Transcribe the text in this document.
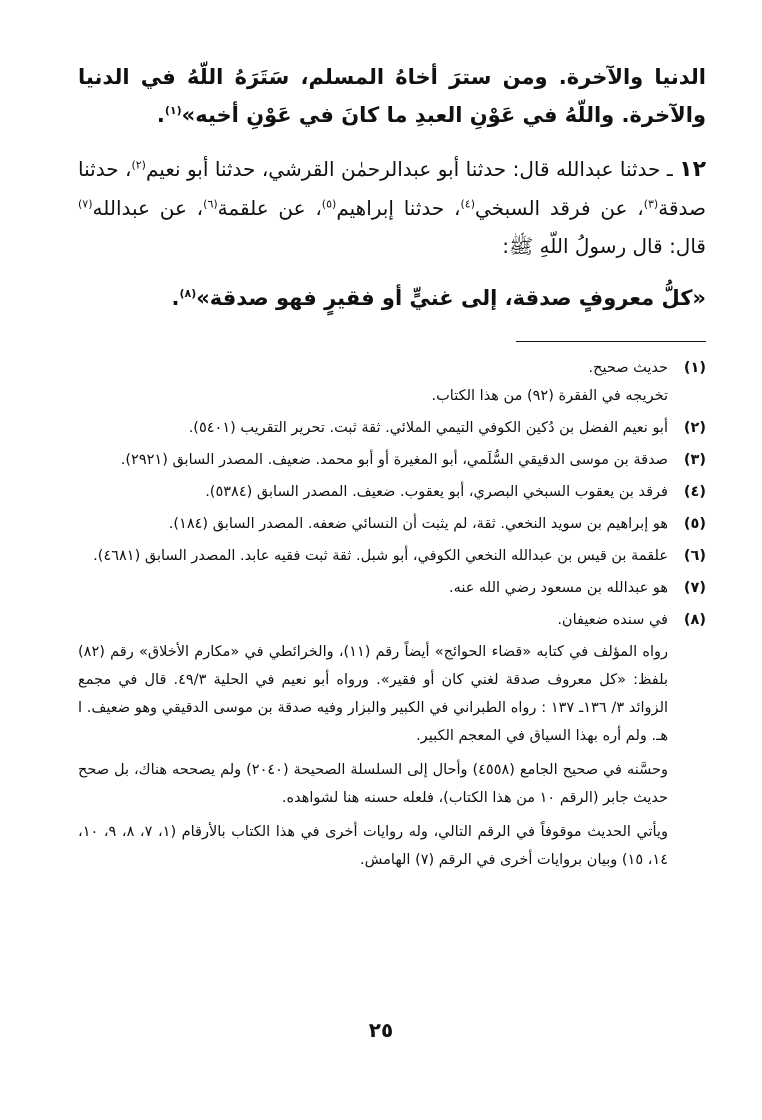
الدنيا والآخرة. ومن سترَ أخاهُ المسلم، سَتَرَهُ اللّهُ في الدنيا والآخرة. واللّهُ في عَوْنِ العبدِ ما كانَ في عَوْنِ أخيه»$^{(١)}$.

١٢ ـ حدثنا عبدالله قال: حدثنا أبو عبدالرحمٰن القرشي، حدثنا أبو نعيم$^{(٢)}$، حدثنا صدقة$^{(٣)}$، عن فرقد السبخي$^{(٤)}$، حدثنا إبراهيم$^{(٥)}$، عن علقمة$^{(٦)}$، عن عبدالله$^{(٧)}$ قال: قال رسولُ اللّهِ ﷺ:

«كلُّ معروفٍ صدقة، إلى غنيٍّ أو فقيرٍ فهو صدقة»$^{(٨)}$.

(١)

حديث صحيح.

تخريجه في الفقرة (٩٢) من هذا الكتاب.

(٢)

أبو نعيم الفضل بن دُكين الكوفي التيمي الملائي. ثقة ثبت. تحرير التقريب (٥٤٠١).

(٣)

صدقة بن موسى الدقيقي السُّلَمي، أبو المغيرة أو أبو محمد. ضعيف. المصدر السابق (٢٩٢١).

(٤)

فرقد بن يعقوب السبخي البصري، أبو يعقوب. ضعيف. المصدر السابق (٥٣٨٤).

(٥)

هو إبراهيم بن سويد النخعي. ثقة، لم يثبت أن النسائي ضعفه. المصدر السابق (١٨٤).

(٦)

علقمة بن قيس بن عبدالله النخعي الكوفي، أبو شبل. ثقة ثبت فقيه عابد. المصدر السابق (٤٦٨١).

(٧)

هو عبدالله بن مسعود رضي الله عنه.

(٨)

في سنده ضعيفان.

رواه المؤلف في كتابه «قضاء الحوائج» أيضاً رقم (١١)، والخرائطي في «مكارم الأخلاق» رقم (٨٢) بلفظ: «كل معروف صدقة لغني كان أو فقير». ورواه أبو نعيم في الحلية ٤٩/٣. قال في مجمع الزوائد ٣/ ١٣٦ـ ١٣٧ : رواه الطبراني في الكبير والبزار وفيه صدقة بن موسى الدقيقي وهو ضعيف. ا هـ. ولم أره بهذا السياق في المعجم الكبير.

وحسَّنه في صحيح الجامع (٤٥٥٨) وأحال إلى السلسلة الصحيحة (٢٠٤٠) ولم يصححه هناك، بل صحح حديث جابر (الرقم ١٠ من هذا الكتاب)، فلعله حسنه هنا لشواهده.

ويأتي الحديث موقوفاً في الرقم التالي، وله روايات أخرى في هذا الكتاب بالأرقام (١، ٧، ٨، ٩، ١٠، ١٤، ١٥) وبيان بروايات أخرى في الرقم (٧) الهامش.

٢٥
